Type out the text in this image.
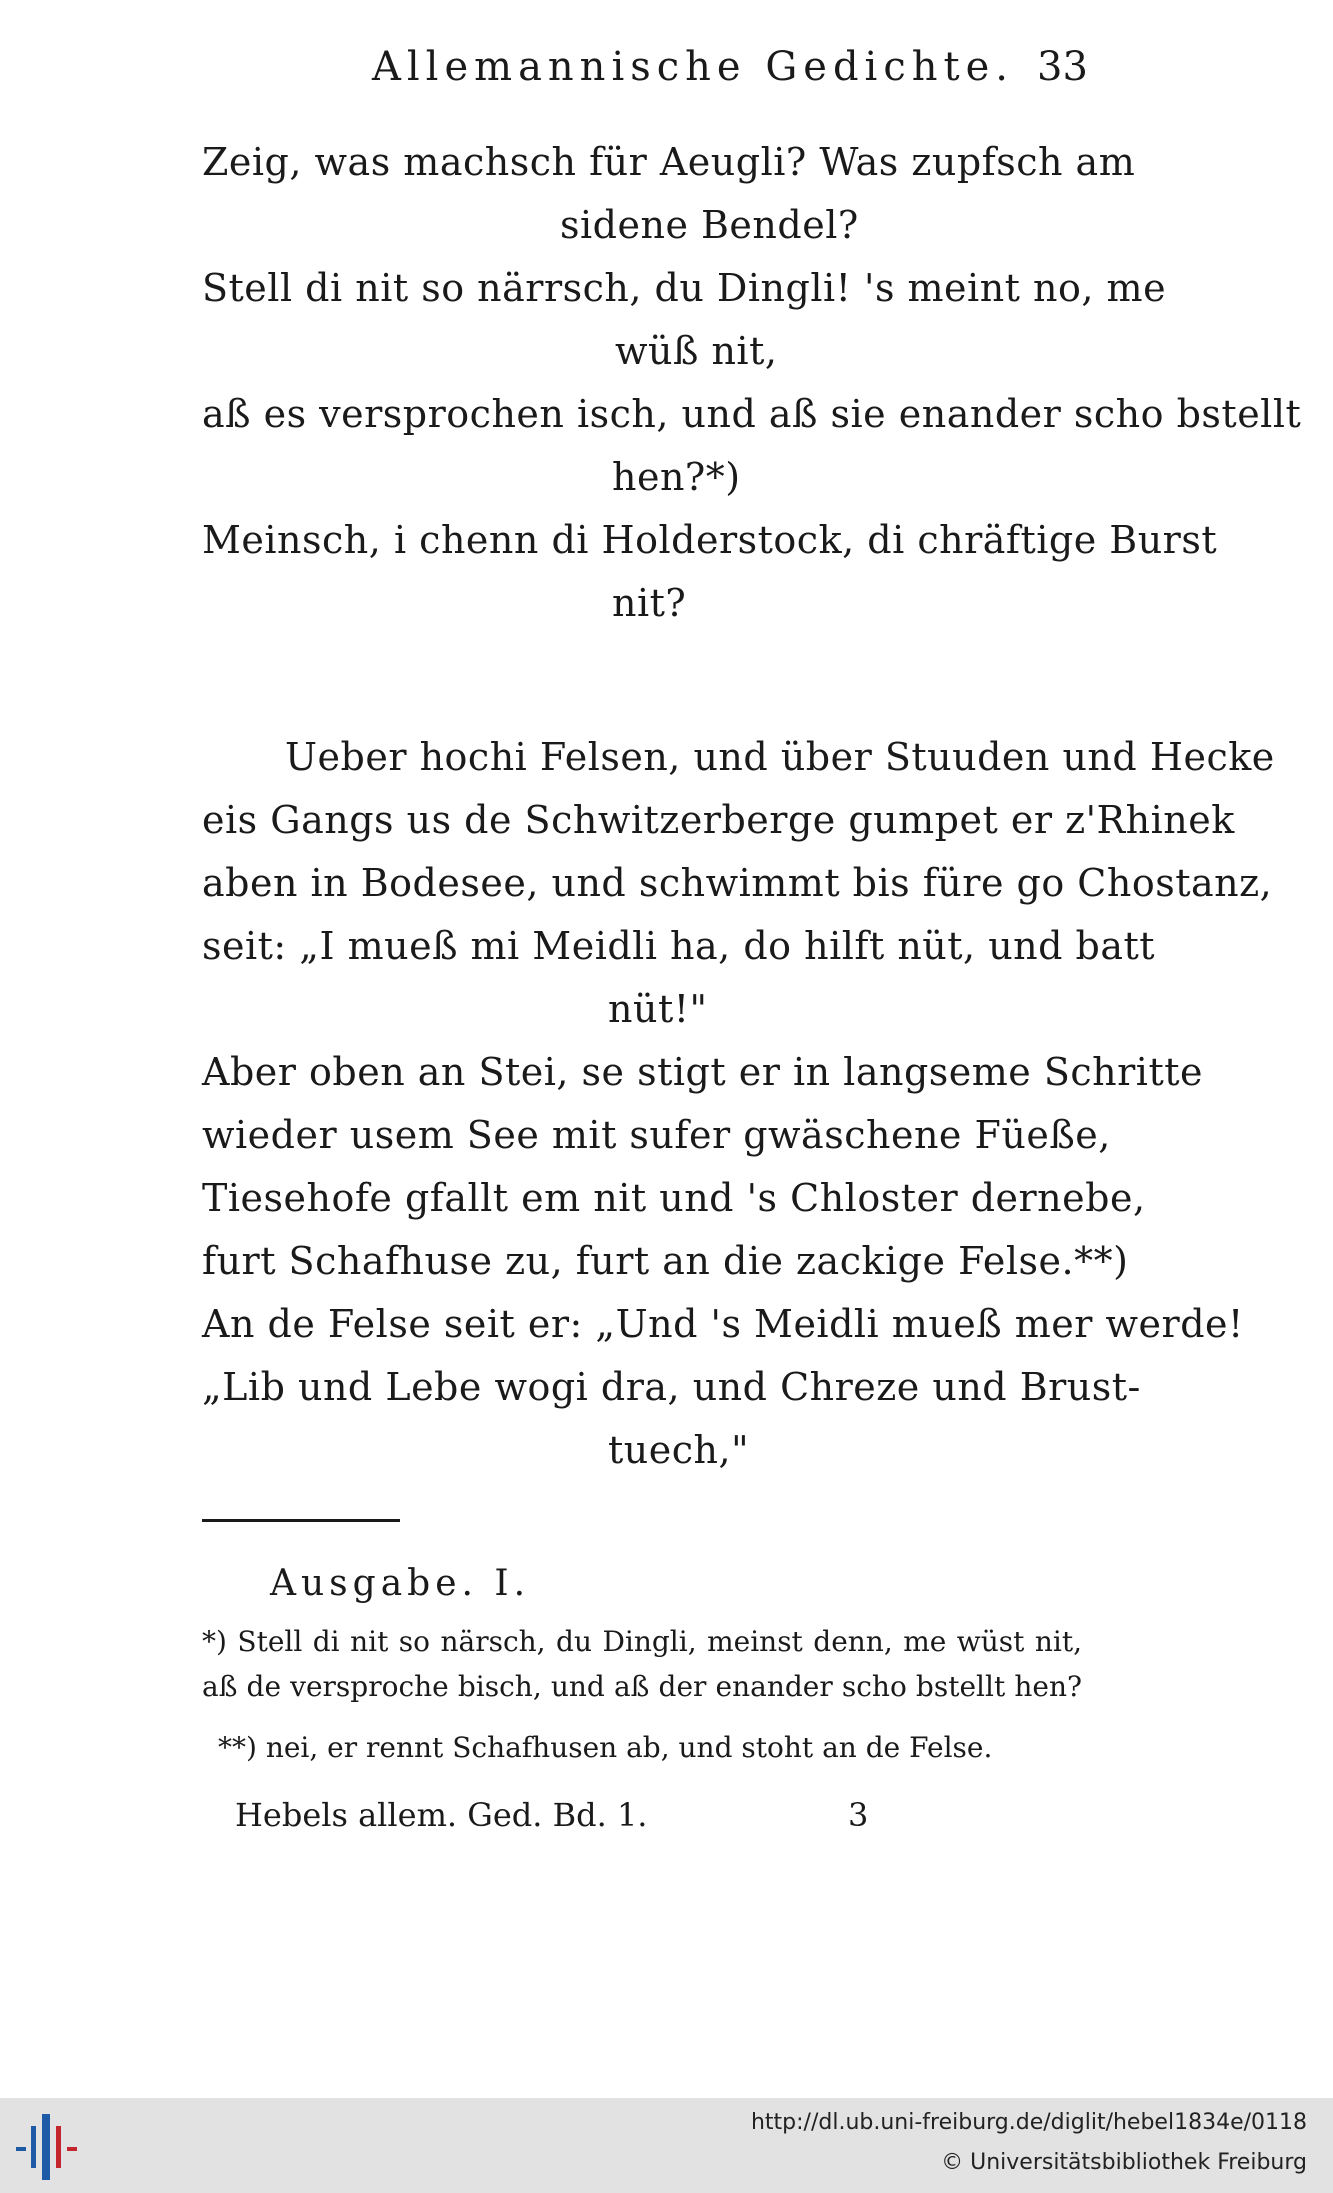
Allemannische Gedichte. 33
Zeig, was machsch für Aeugli? Was zupfsch am
sidene Bendel?
Stell di nit so närrsch, du Dingli! 's meint no, me
wüß nit,
aß es versprochen isch, und aß sie enander scho bstellt
hen?*)
Meinsch, i chenn di Holderstock, di chräftige Burst
nit?
Ueber hochi Felsen, und über Stuuden und Hecke
eis Gangs us de Schwitzerberge gumpet er z'Rhinek
aben in Bodesee, und schwimmt bis füre go Chostanz,
seit: „I mueß mi Meidli ha, do hilft nüt, und batt
nüt!"
Aber oben an Stei, se stigt er in langseme Schritte
wieder usem See mit sufer gwäschene Füeße,
Tiesehofe gfallt em nit und 's Chloster dernebe,
furt Schafhuse zu, furt an die zackige Felse.**)
An de Felse seit er: „Und 's Meidli mueß mer werde!
„Lib und Lebe wogi dra, und Chreze und Brust-
tuech,"
Ausgabe. I.
*) Stell di nit so närsch, du Dingli, meinst denn, me wüst nit,
aß de versproche bisch, und aß der enander scho bstellt hen?
**) nei, er rennt Schafhusen ab, und stoht an de Felse.
Hebels allem. Ged. Bd. 1.	3
http://dl.ub.uni-freiburg.de/diglit/hebel1834e/0118
© Universitätsbibliothek Freiburg
